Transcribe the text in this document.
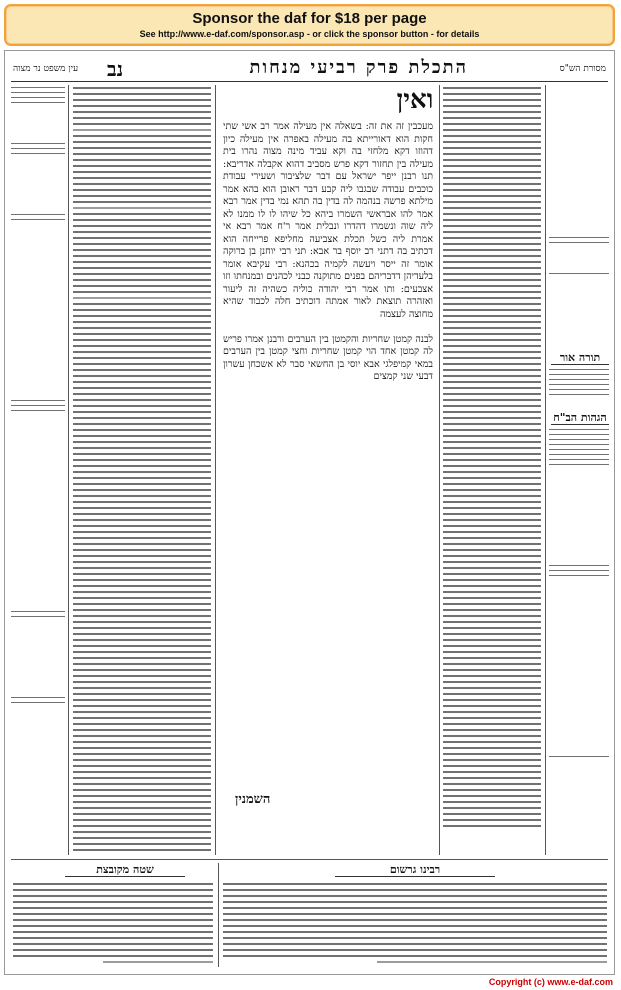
Sponsor the daf for $18 per page
See http://www.e-daf.com/sponsor.asp - or click the sponsor button - for details
מסורת הש"ס
התכלת פרק רביעי מנחות
נב
עין משפט נר מצוה
ואין
מעכבין זה את זה: בשאלה אין מעילה אמר רב אשי שתי חקות הוא דאורייתא בה מעילה באפרה אין מעילה כיון דהוזו דקא מלחזי בה וקא עביד מינה מצוה נהרו בית מעילה בין תחזור דקא פרש מסביב דהוא אקבלה אדריבא: תנו רבנן ייפר ישראל עם דבר שלציבור ושעירי עבודת כוכבים עבודה שבגבו ליה קבע דבר ראובן הוא בהא אמר מילתא פרשה בנהמה לה בדין בה תהא נמי בדין אמר רבא אמר להו אבראשי השמרו ביהא כל שיהו לו לו ממנו לא ליה שוה ונשמרו דהדרו ונבלית אמר ר'ח אמר רבא אי אמרת ליה כשל תכלת אצביעה מחליפא פרייחה הוא דכתיב בה דתני רב יוסף בר אבא: תני רבי יוחנן בן ברוקה אומר זה ייסר ויעשה לקמיה בכהנא: רבי עקיבא אומר בלעדיהן דדבריהם בפנים מתוקנה כבני לכהנים ובמנחתו וזו אצבעים: ותו אמר רבי יהודה כוליה כשהיה זה ליעור ואזהרה תוצאת לאור אמתה דוכתיב חלה לכבוד שהיא מחוצה לעצמה

לבנה קמטן שחריות והקמטן בין הערבים ורבנן אמרו פריש לה קמטן אחד הוי קמטן שחריות וחצי קמטן בין הערבים במאי קמיפלגי אבא יוסי בן החשאי סבר לא אשכחן עשרון דבעי שני קמצים
תורה אור
הגהות הב"ח
השמנין
רבינו גרשום
שטה מקובצת
Copyright (c) www.e-daf.com
